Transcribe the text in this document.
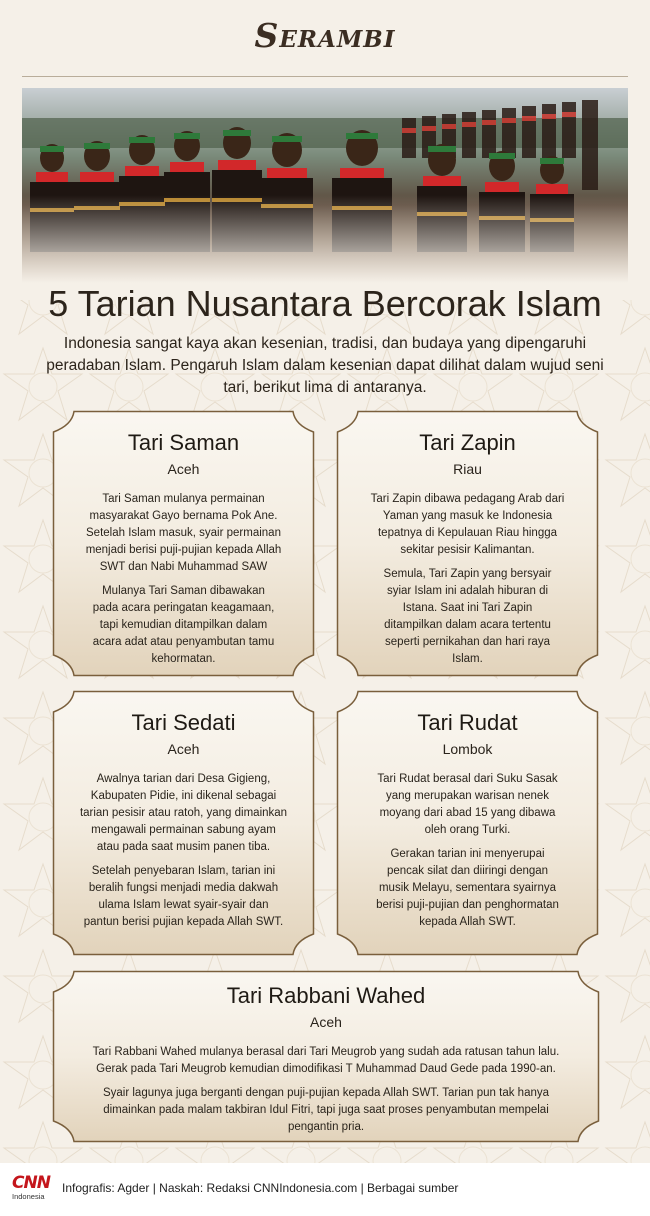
Serambi
5 Tarian Nusantara Bercorak Islam
Indonesia sangat kaya akan kesenian, tradisi, dan budaya yang dipengaruhi peradaban Islam. Pengaruh Islam dalam kesenian dapat dilihat dalam wujud seni tari, berikut lima di antaranya.
Tari Saman
Aceh

Tari Saman mulanya permainan masyarakat Gayo bernama Pok Ane. Setelah Islam masuk, syair permainan menjadi berisi puji-pujian kepada Allah SWT dan Nabi Muhammad SAW

Mulanya Tari Saman dibawakan pada acara peringatan keagamaan, tapi kemudian ditampilkan dalam acara adat atau penyambutan tamu kehormatan.

Tari Zapin
Riau

Tari Zapin dibawa pedagang Arab dari Yaman yang masuk ke Indonesia tepatnya di Kepulauan Riau hingga sekitar pesisir Kalimantan.

Semula, Tari Zapin yang bersyair syiar Islam ini adalah hiburan di Istana. Saat ini Tari Zapin ditampilkan dalam acara tertentu seperti pernikahan dan hari raya Islam.

Tari Sedati
Aceh

Awalnya tarian dari Desa Gigieng, Kabupaten Pidie, ini dikenal sebagai tarian pesisir atau ratoh, yang dimainkan mengawali permainan sabung ayam atau pada saat musim panen tiba.

Setelah penyebaran Islam, tarian ini beralih fungsi menjadi media dakwah ulama Islam lewat syair-syair dan pantun berisi pujian kepada Allah SWT.

Tari Rudat
Lombok

Tari Rudat berasal dari Suku Sasak yang merupakan warisan nenek moyang dari abad 15 yang dibawa oleh orang Turki.

Gerakan tarian ini menyerupai pencak silat dan diiringi dengan musik Melayu, sementara syairnya berisi puji-pujian dan penghormatan kepada Allah SWT.

Tari Rabbani Wahed
Aceh

Tari Rabbani Wahed mulanya berasal dari Tari Meugrob yang sudah ada ratusan tahun lalu. Gerak pada Tari Meugrob kemudian dimodifikasi T Muhammad Daud Gede pada 1990-an.

Syair lagunya juga berganti dengan puji-pujian kepada Allah SWT. Tarian pun tak hanya dimainkan pada malam takbiran Idul Fitri, tapi juga saat proses penyambutan mempelai pengantin pria.

CNN
Indonesia
Infografis: Agder | Naskah: Redaksi CNNIndonesia.com | Berbagai sumber
